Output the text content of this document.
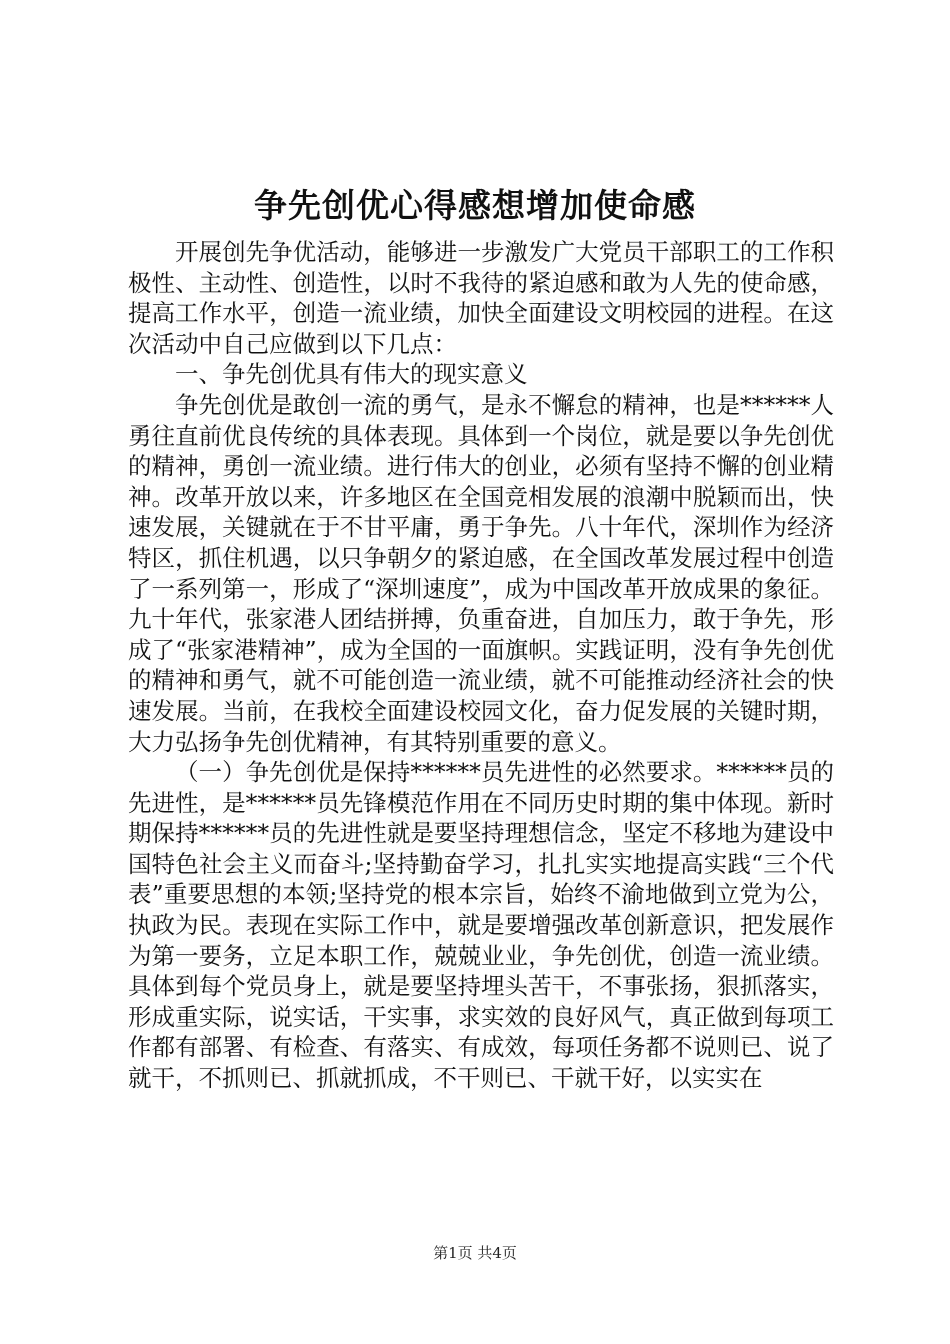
争先创优心得感想增加使命感

开展创先争优活动，能够进一步激发广大党员干部职工的工作积极性、主动性、创造性，以时不我待的紧迫感和敢为人先的使命感，提高工作水平，创造一流业绩，加快全面建设文明校园的进程。在这次活动中自己应做到以下几点：

一、争先创优具有伟大的现实意义

争先创优是敢创一流的勇气，是永不懈怠的精神，也是******人勇往直前优良传统的具体表现。具体到一个岗位，就是要以争先创优的精神，勇创一流业绩。进行伟大的创业，必须有坚持不懈的创业精神。改革开放以来，许多地区在全国竞相发展的浪潮中脱颖而出，快速发展，关键就在于不甘平庸，勇于争先。八十年代，深圳作为经济特区，抓住机遇，以只争朝夕的紧迫感，在全国改革发展过程中创造了一系列第一，形成了“深圳速度”，成为中国改革开放成果的象征。九十年代，张家港人团结拼搏，负重奋进，自加压力，敢于争先，形成了“张家港精神”，成为全国的一面旗帜。实践证明，没有争先创优的精神和勇气，就不可能创造一流业绩，就不可能推动经济社会的快速发展。当前，在我校全面建设校园文化，奋力促发展的关键时期，大力弘扬争先创优精神，有其特别重要的意义。

（一）争先创优是保持******员先进性的必然要求。******员的先进性，是******员先锋模范作用在不同历史时期的集中体现。新时期保持******员的先进性就是要坚持理想信念，坚定不移地为建设中国特色社会主义而奋斗;坚持勤奋学习，扎扎实实地提高实践“三个代表”重要思想的本领;坚持党的根本宗旨，始终不渝地做到立党为公，执政为民。表现在实际工作中，就是要增强改革创新意识，把发展作为第一要务，立足本职工作，兢兢业业，争先创优，创造一流业绩。具体到每个党员身上，就是要坚持埋头苦干，不事张扬，狠抓落实，形成重实际，说实话，干实事，求实效的良好风气，真正做到每项工作都有部署、有检查、有落实、有成效，每项任务都不说则已、说了就干，不抓则已、抓就抓成，不干则已、干就干好，以实实在

第1页 共4页
